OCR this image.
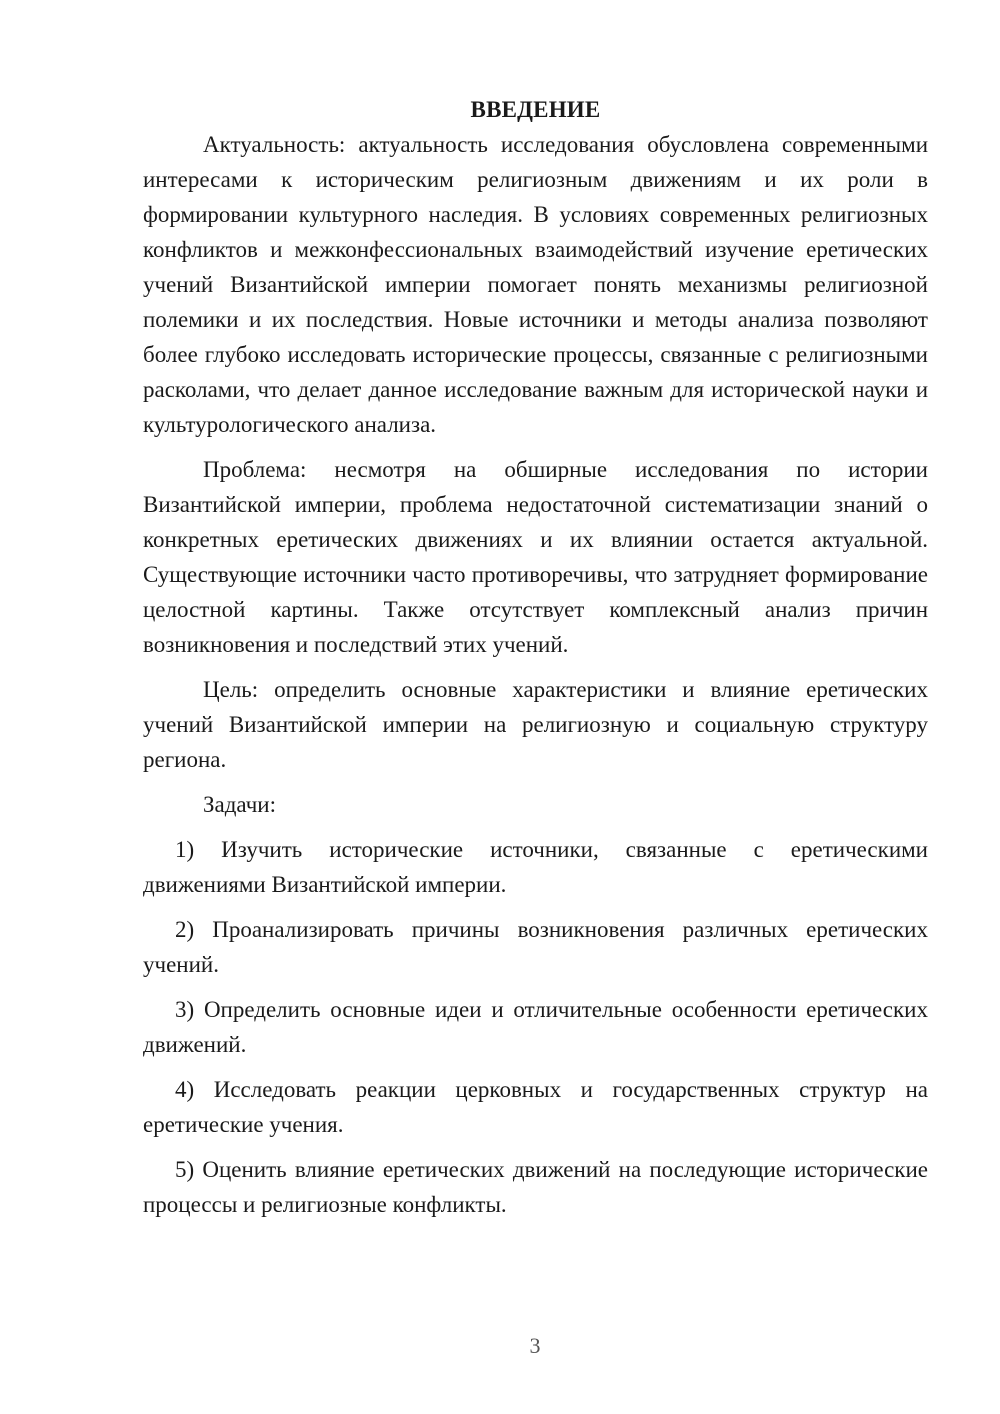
ВВЕДЕНИЕ

Актуальность: актуальность исследования обусловлена современными интересами к историческим религиозным движениям и их роли в формировании культурного наследия. В условиях современных религиозных конфликтов и межконфессиональных взаимодействий изучение еретических учений Византийской империи помогает понять механизмы религиозной полемики и их последствия. Новые источники и методы анализа позволяют более глубоко исследовать исторические процессы, связанные с религиозными расколами, что делает данное исследование важным для исторической науки и культурологического анализа.

Проблема: несмотря на обширные исследования по истории Византийской империи, проблема недостаточной систематизации знаний о конкретных еретических движениях и их влиянии остается актуальной. Существующие источники часто противоречивы, что затрудняет формирование целостной картины. Также отсутствует комплексный анализ причин возникновения и последствий этих учений.

Цель: определить основные характеристики и влияние еретических учений Византийской империи на религиозную и социальную структуру региона.

Задачи:

1) Изучить исторические источники, связанные с еретическими движениями Византийской империи.

2) Проанализировать причины возникновения различных еретических учений.

3) Определить основные идеи и отличительные особенности еретических движений.

4) Исследовать реакции церковных и государственных структур на еретические учения.

5) Оценить влияние еретических движений на последующие исторические процессы и религиозные конфликты.

3
